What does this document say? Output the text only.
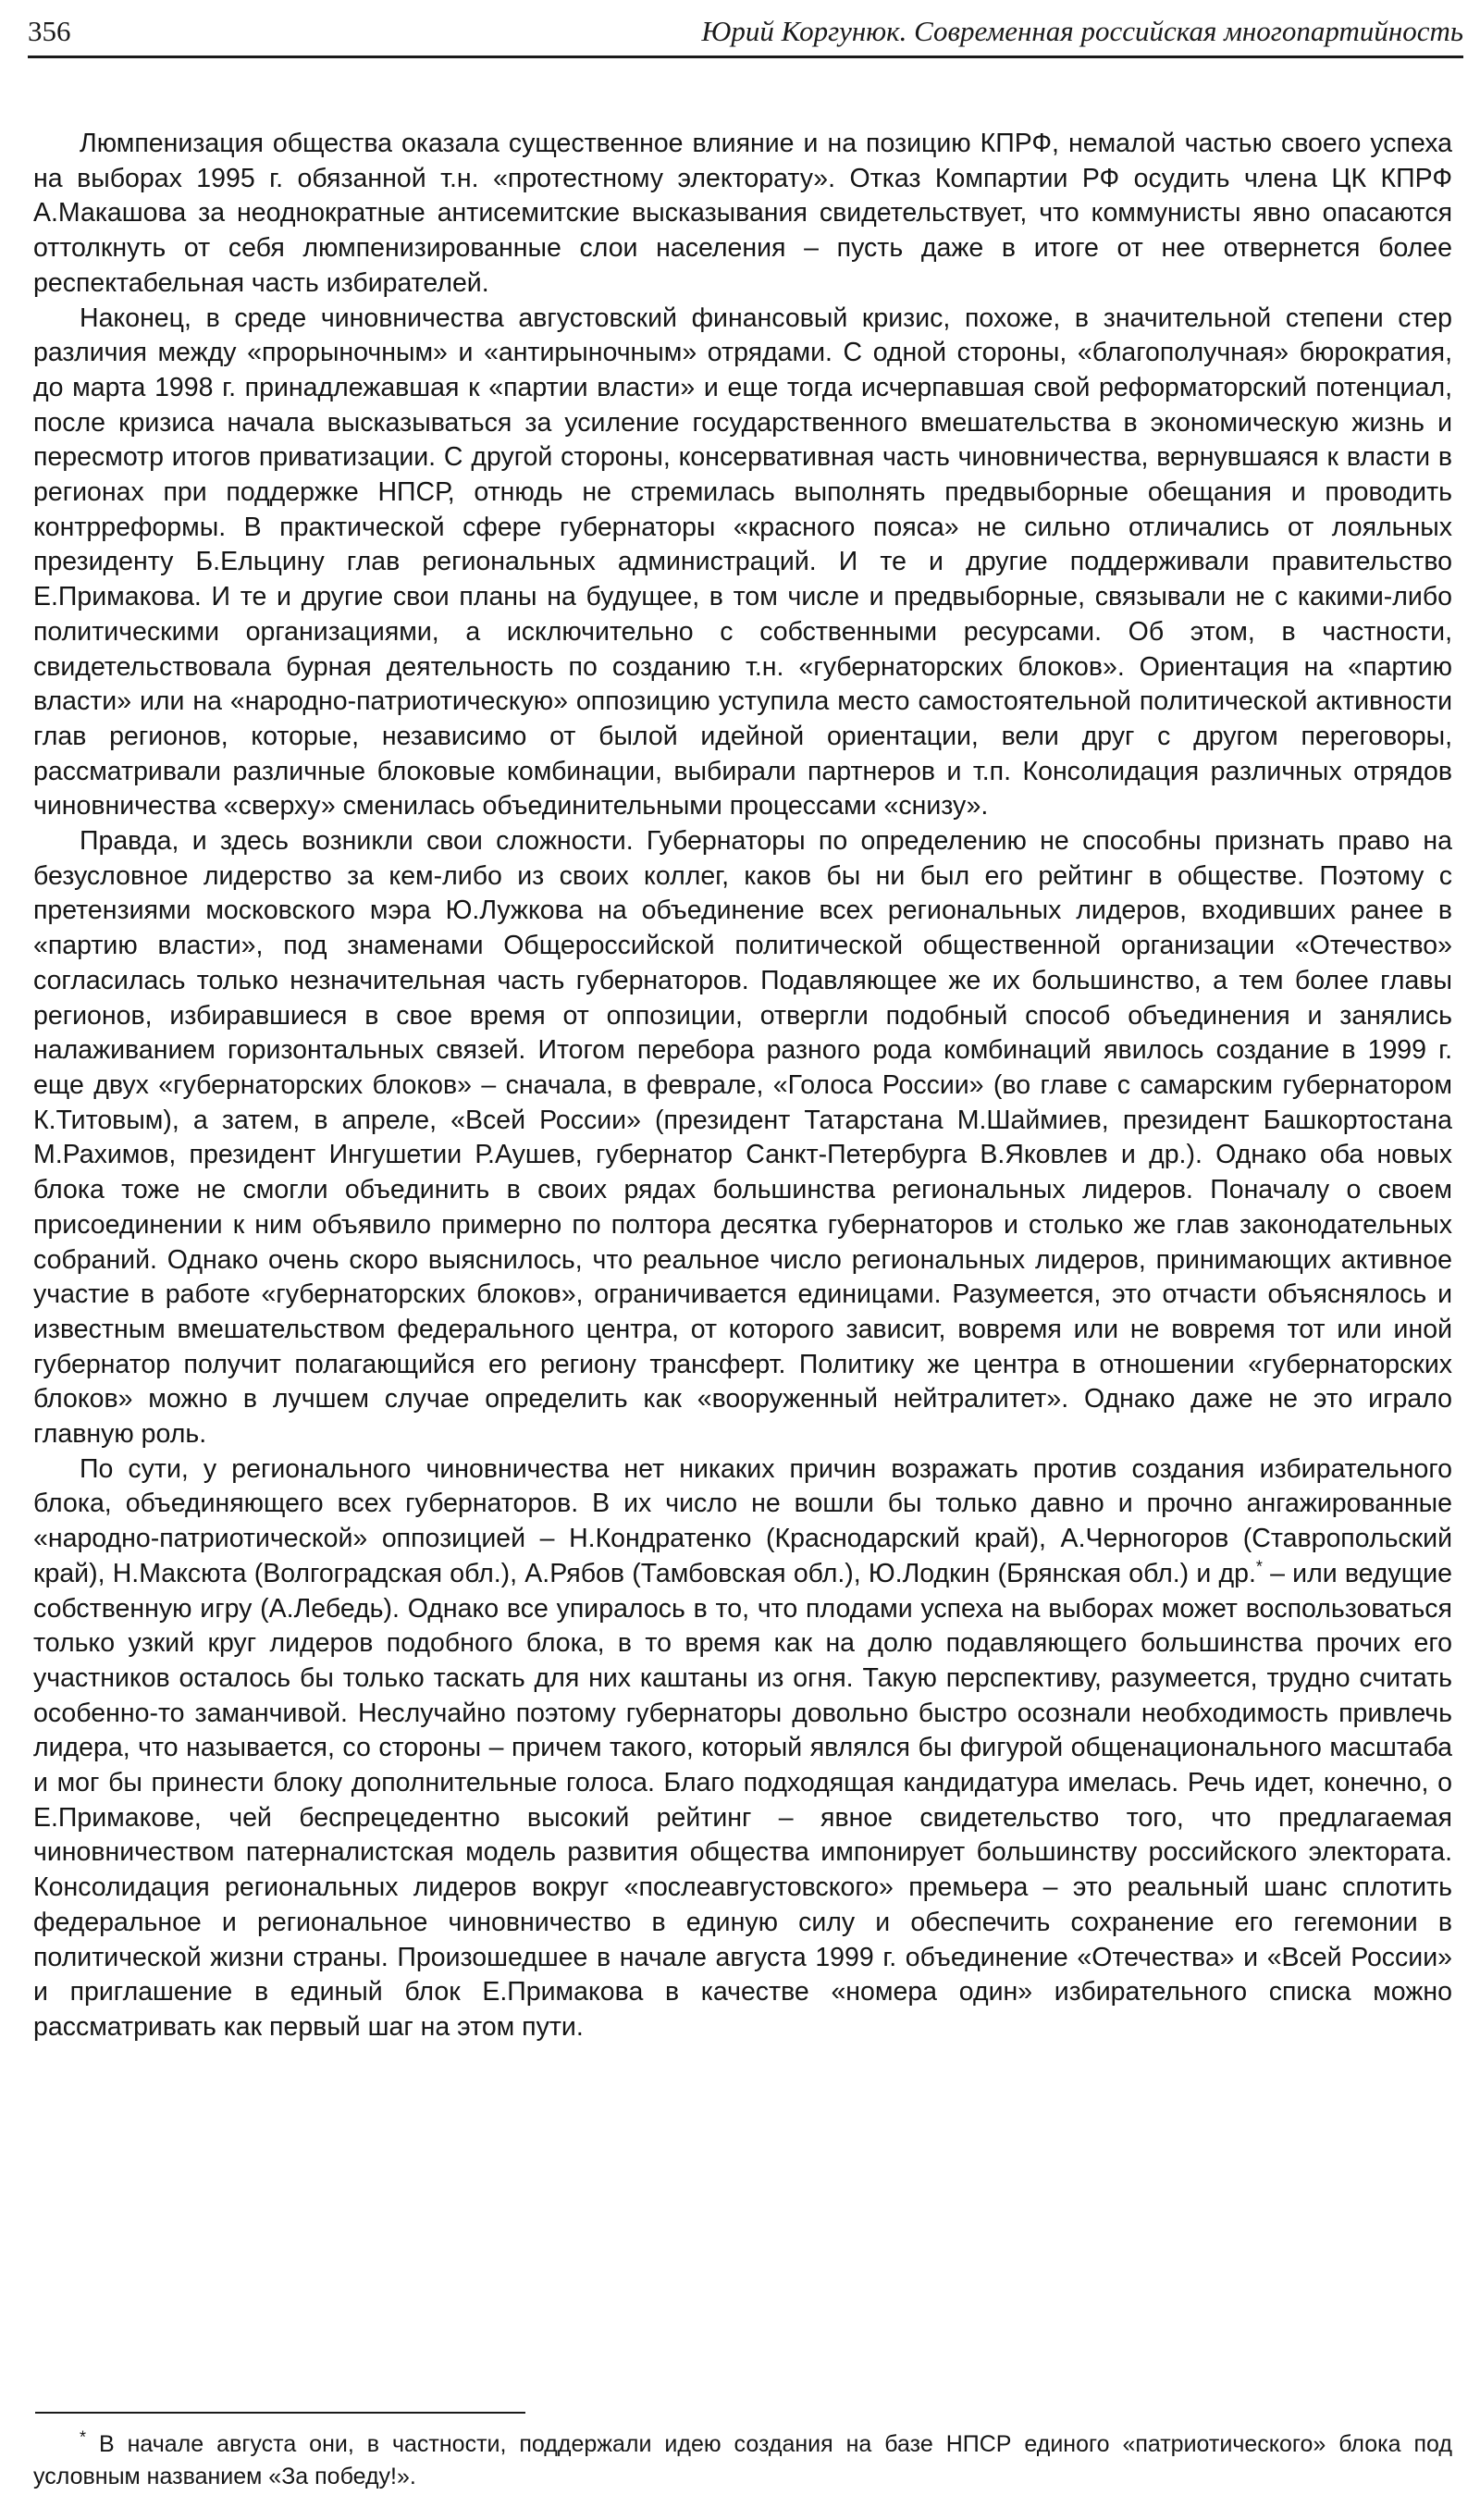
356	Юрий Коргунюк. Современная российская многопартийность

Люмпенизация общества оказала существенное влияние и на позицию КПРФ, немалой частью своего успеха на выборах 1995 г. обязанной т.н. «протестному электорату». Отказ Компартии РФ осудить члена ЦК КПРФ А.Макашова за неоднократные антисемитские высказывания свидетельствует, что коммунисты явно опасаются оттолкнуть от себя люмпенизированные слои населения – пусть даже в итоге от нее отвернется более респектабельная часть избирателей.

Наконец, в среде чиновничества августовский финансовый кризис, похоже, в значительной степени стер различия между «прорыночным» и «антирыночным» отрядами. С одной стороны, «благополучная» бюрократия, до марта 1998 г. принадлежавшая к «партии власти» и еще тогда исчерпавшая свой реформаторский потенциал, после кризиса начала высказываться за усиление государственного вмешательства в экономическую жизнь и пересмотр итогов приватизации. С другой стороны, консервативная часть чиновничества, вернувшаяся к власти в регионах при поддержке НПСР, отнюдь не стремилась выполнять предвыборные обещания и проводить контрреформы. В практической сфере губернаторы «красного пояса» не сильно отличались от лояльных президенту Б.Ельцину глав региональных администраций. И те и другие поддерживали правительство Е.Примакова. И те и другие свои планы на будущее, в том числе и предвыборные, связывали не с какими-либо политическими организациями, а исключительно с собственными ресурсами. Об этом, в частности, свидетельствовала бурная деятельность по созданию т.н. «губернаторских блоков». Ориентация на «партию власти» или на «народно-патриотическую» оппозицию уступила место самостоятельной политической активности глав регионов, которые, независимо от былой идейной ориентации, вели друг с другом переговоры, рассматривали различные блоковые комбинации, выбирали партнеров и т.п. Консолидация различных отрядов чиновничества «сверху» сменилась объединительными процессами «снизу».

Правда, и здесь возникли свои сложности. Губернаторы по определению не способны признать право на безусловное лидерство за кем-либо из своих коллег, каков бы ни был его рейтинг в обществе. Поэтому с претензиями московского мэра Ю.Лужкова на объединение всех региональных лидеров, входивших ранее в «партию власти», под знаменами Общероссийской политической общественной организации «Отечество» согласилась только незначительная часть губернаторов. Подавляющее же их большинство, а тем более главы регионов, избиравшиеся в свое время от оппозиции, отвергли подобный способ объединения и занялись налаживанием горизонтальных связей. Итогом перебора разного рода комбинаций явилось создание в 1999 г. еще двух «губернаторских блоков» – сначала, в феврале, «Голоса России» (во главе с самарским губернатором К.Титовым), а затем, в апреле, «Всей России» (президент Татарстана М.Шаймиев, президент Башкортостана М.Рахимов, президент Ингушетии Р.Аушев, губернатор Санкт-Петербурга В.Яковлев и др.). Однако оба новых блока тоже не смогли объединить в своих рядах большинства региональных лидеров. Поначалу о своем присоединении к ним объявило примерно по полтора десятка губернаторов и столько же глав законодательных собраний. Однако очень скоро выяснилось, что реальное число региональных лидеров, принимающих активное участие в работе «губернаторских блоков», ограничивается единицами. Разумеется, это отчасти объяснялось и известным вмешательством федерального центра, от которого зависит, вовремя или не вовремя тот или иной губернатор получит полагающийся его региону трансферт. Политику же центра в отношении «губернаторских блоков» можно в лучшем случае определить как «вооруженный нейтралитет». Однако даже не это играло главную роль.

По сути, у регионального чиновничества нет никаких причин возражать против создания избирательного блока, объединяющего всех губернаторов. В их число не вошли бы только давно и прочно ангажированные «народно-патриотической» оппозицией – Н.Кондратенко (Краснодарский край), А.Черногоров (Ставропольский край), Н.Максюта (Волгоградская обл.), А.Рябов (Тамбовская обл.), Ю.Лодкин (Брянская обл.) и др.* – или ведущие собственную игру (А.Лебедь). Однако все упиралось в то, что плодами успеха на выборах может воспользоваться только узкий круг лидеров подобного блока, в то время как на долю подавляющего большинства прочих его участников осталось бы только таскать для них каштаны из огня. Такую перспективу, разумеется, трудно считать особенно-то заманчивой. Неслучайно поэтому губернаторы довольно быстро осознали необходимость привлечь лидера, что называется, со стороны – причем такого, который являлся бы фигурой общенационального масштаба и мог бы принести блоку дополнительные голоса. Благо подходящая кандидатура имелась. Речь идет, конечно, о Е.Примакове, чей беспрецедентно высокий рейтинг – явное свидетельство того, что предлагаемая чиновничеством патерналистская модель развития общества импонирует большинству российского электората. Консолидация региональных лидеров вокруг «послеавгустовского» премьера – это реальный шанс сплотить федеральное и региональное чиновничество в единую силу и обеспечить сохранение его гегемонии в политической жизни страны. Произошедшее в начале августа 1999 г. объединение «Отечества» и «Всей России» и приглашение в единый блок Е.Примакова в качестве «номера один» избирательного списка можно рассматривать как первый шаг на этом пути.

* В начале августа они, в частности, поддержали идею создания на базе НПСР единого «патриотического» блока под условным названием «За победу!».
